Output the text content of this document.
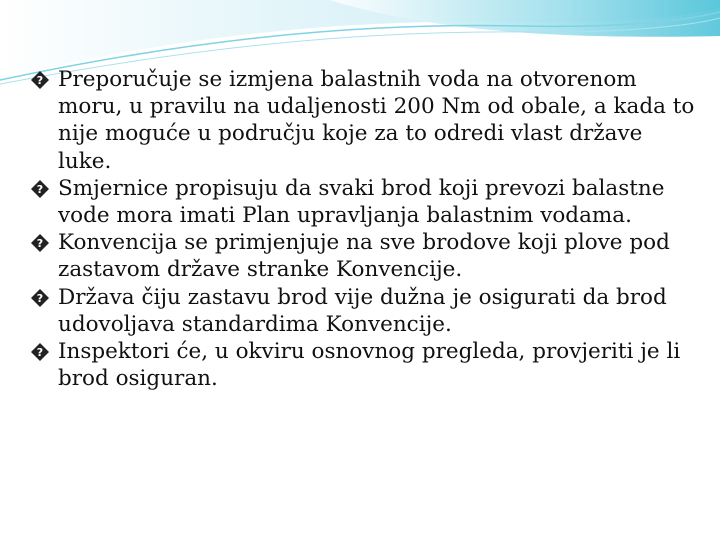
? Preporučuje se izmjena balastnih voda na otvorenom moru, u pravilu na udaljenosti 200 Nm od obale, a kada to nije moguće u području koje za to odredi vlast države luke.

? Smjernice propisuju da svaki brod koji prevozi balastne vode mora imati Plan upravljanja balastnim vodama.

? Konvencija se primjenjuje na sve brodove koji plove pod zastavom države stranke Konvencije.

? Država čiju zastavu brod vije dužna je osigurati da brod udovoljava standardima Konvencije.

? Inspektori će, u okviru osnovnog pregleda, provjeriti je li brod osiguran.
